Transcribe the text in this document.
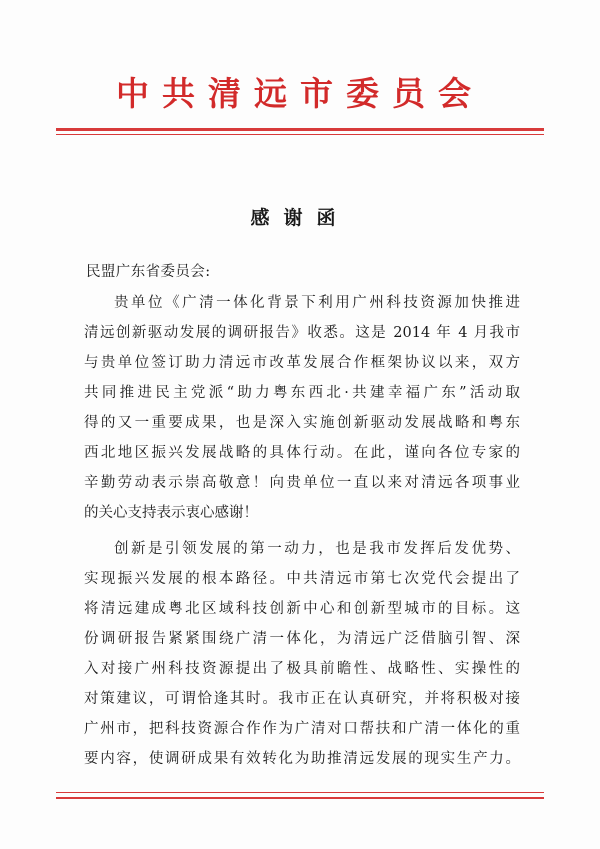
中共清远市委员会
感谢函
民盟广东省委员会:
贵单位《广清一体化背景下利用广州科技资源加快推进
清远创新驱动发展的调研报告》收悉。这是 2014 年 4 月我市
与贵单位签订助力清远市改革发展合作框架协议以来，双方
共同推进民主党派“助力粤东西北·共建幸福广东”活动取
得的又一重要成果，也是深入实施创新驱动发展战略和粤东
西北地区振兴发展战略的具体行动。在此，谨向各位专家的
辛勤劳动表示崇高敬意！向贵单位一直以来对清远各项事业
的关心支持表示衷心感谢！
创新是引领发展的第一动力，也是我市发挥后发优势、
实现振兴发展的根本路径。中共清远市第七次党代会提出了
将清远建成粤北区域科技创新中心和创新型城市的目标。这
份调研报告紧紧围绕广清一体化，为清远广泛借脑引智、深
入对接广州科技资源提出了极具前瞻性、战略性、实操性的
对策建议，可谓恰逢其时。我市正在认真研究，并将积极对接
广州市，把科技资源合作作为广清对口帮扶和广清一体化的重
要内容，使调研成果有效转化为助推清远发展的现实生产力。
